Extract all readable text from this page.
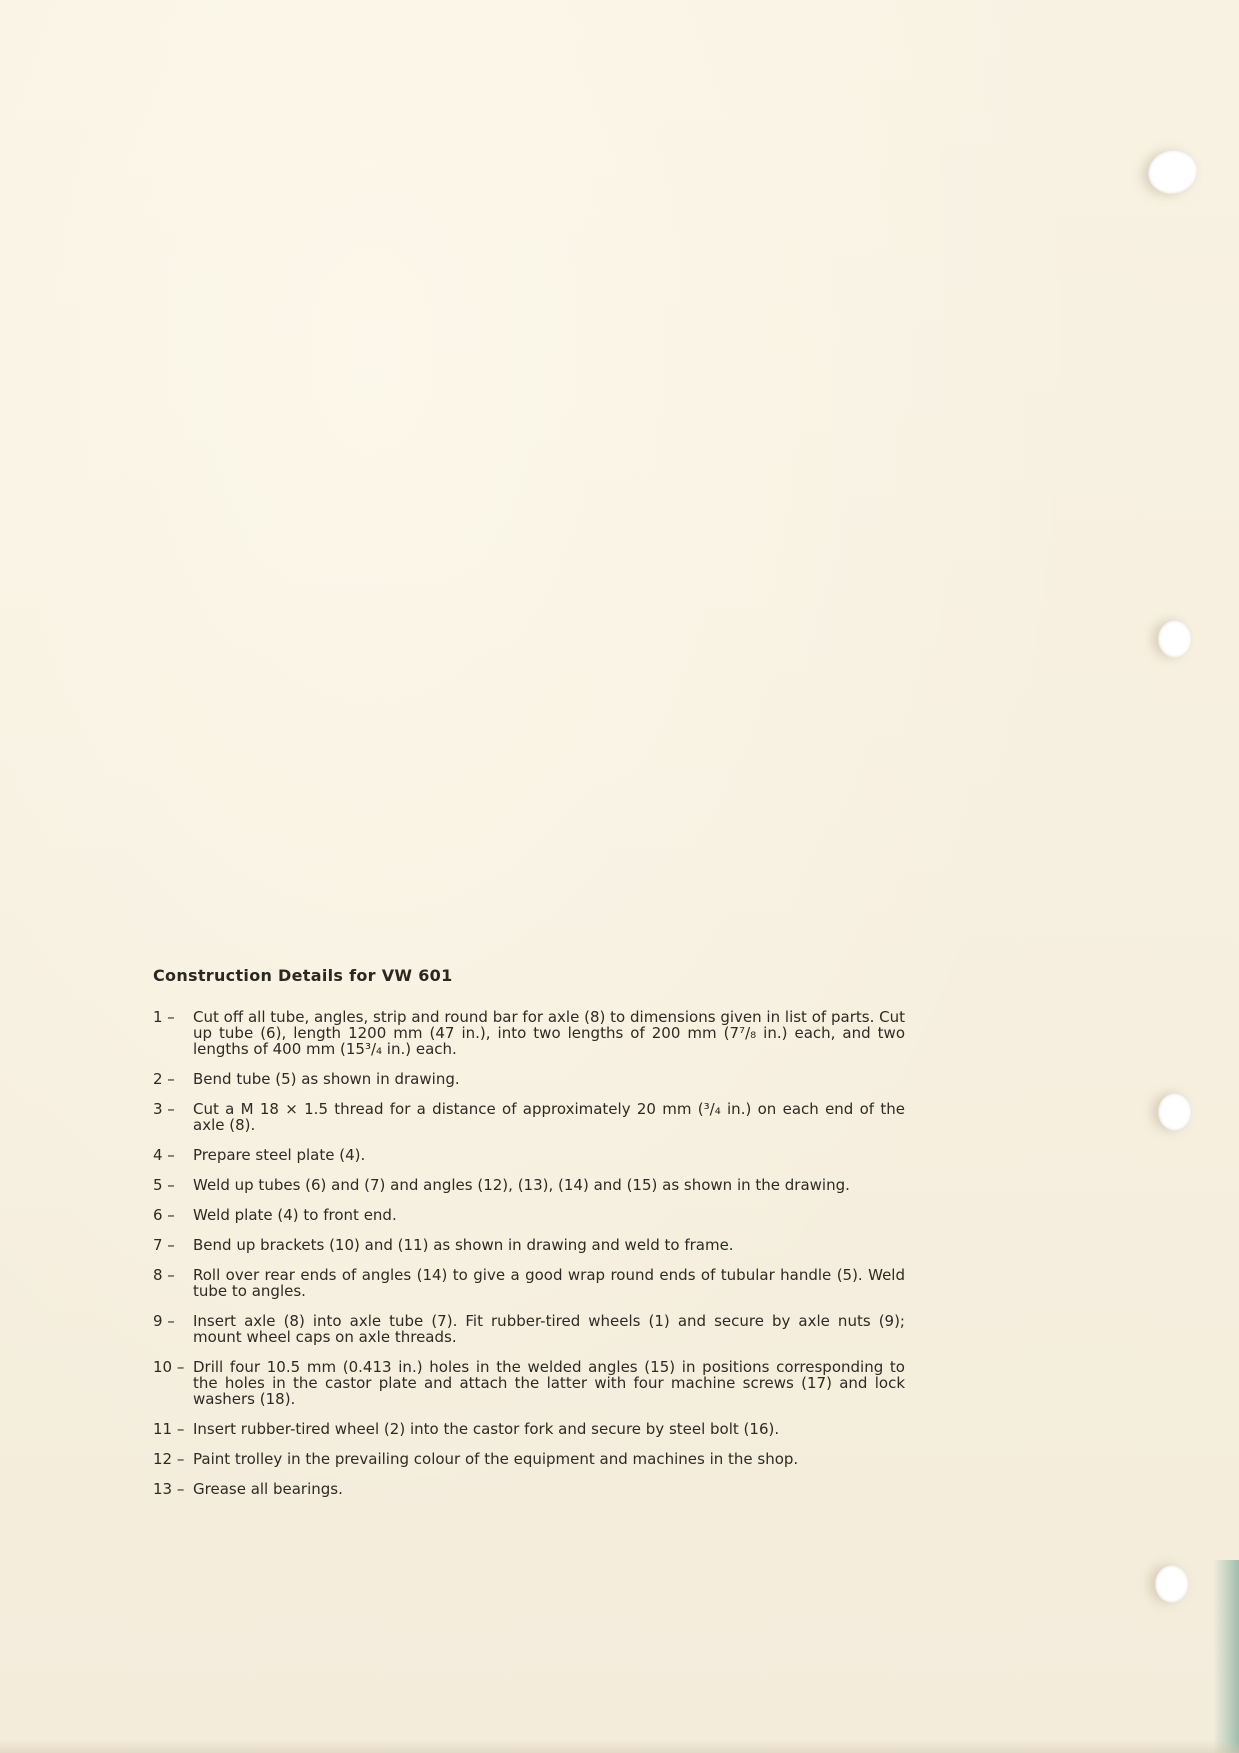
Construction Details for VW 601
1 –	Cut off all tube, angles, strip and round bar for axle (8) to dimensions given in list of parts. Cut up tube (6), length 1200 mm (47 in.), into two lengths of 200 mm (7⁷/₈ in.) each, and two lengths of 400 mm (15³/₄ in.) each.
2 –	Bend tube (5) as shown in drawing.
3 –	Cut a M 18 × 1.5 thread for a distance of approximately 20 mm (³/₄ in.) on each end of the axle (8).
4 –	Prepare steel plate (4).
5 –	Weld up tubes (6) and (7) and angles (12), (13), (14) and (15) as shown in the drawing.
6 –	Weld plate (4) to front end.
7 –	Bend up brackets (10) and (11) as shown in drawing and weld to frame.
8 –	Roll over rear ends of angles (14) to give a good wrap round ends of tubular handle (5). Weld tube to angles.
9 –	Insert axle (8) into axle tube (7). Fit rubber-tired wheels (1) and secure by axle nuts (9); mount wheel caps on axle threads.
10 – Drill four 10.5 mm (0.413 in.) holes in the welded angles (15) in positions corresponding to the holes in the castor plate and attach the latter with four machine screws (17) and lock washers (18).
11 – Insert rubber-tired wheel (2) into the castor fork and secure by steel bolt (16).
12 – Paint trolley in the prevailing colour of the equipment and machines in the shop.
13 – Grease all bearings.
